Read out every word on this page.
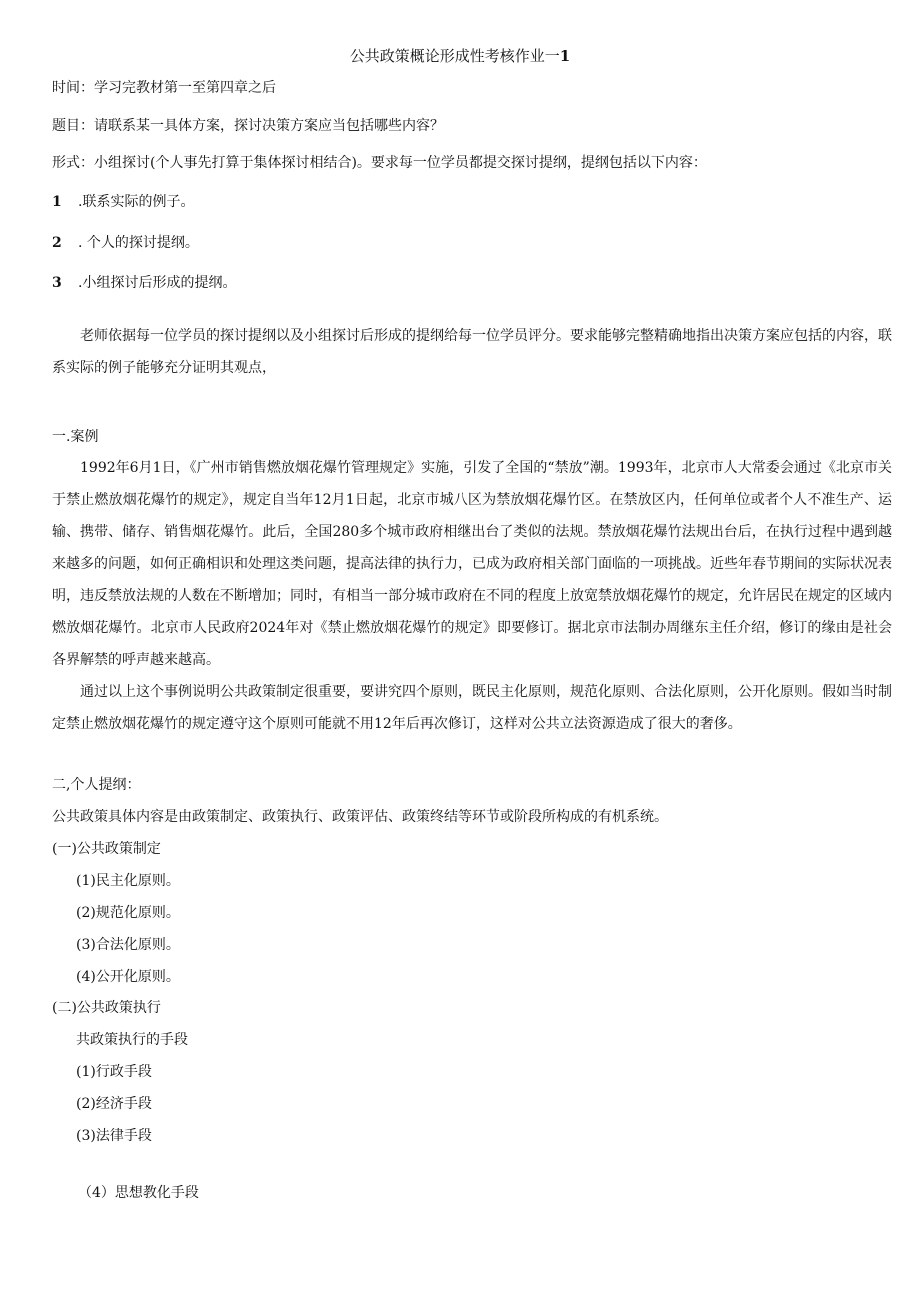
公共政策概论形成性考核作业一1
时间：学习完教材第一至第四章之后
题目：请联系某一具体方案，探讨决策方案应当包括哪些内容？
形式：小组探讨(个人事先打算于集体探讨相结合)。要求每一位学员都提交探讨提纲，提纲包括以下内容：
1 .联系实际的例子。
2 . 个人的探讨提纲。
3 .小组探讨后形成的提纲。
老师依据每一位学员的探讨提纲以及小组探讨后形成的提纲给每一位学员评分。要求能够完整精确地指出决策方案应包括的内容，联系实际的例子能够充分证明其观点，
一.案例
1992年6月1日，《广州市销售燃放烟花爆竹管理规定》实施，引发了全国的“禁放”潮。1993年，北京市人大常委会通过《北京市关于禁止燃放烟花爆竹的规定》，规定自当年12月1日起，北京市城八区为禁放烟花爆竹区。在禁放区内，任何单位或者个人不准生产、运输、携带、储存、销售烟花爆竹。此后，全国280多个城市政府相继出台了类似的法规。禁放烟花爆竹法规出台后，在执行过程中遇到越来越多的问题，如何正确相识和处理这类问题，提高法律的执行力，已成为政府相关部门面临的一项挑战。近些年春节期间的实际状况表明，违反禁放法规的人数在不断增加；同时，有相当一部分城市政府在不同的程度上放宽禁放烟花爆竹的规定，允许居民在规定的区域内燃放烟花爆竹。北京市人民政府2024年对《禁止燃放烟花爆竹的规定》即要修订。据北京市法制办周继东主任介绍，修订的缘由是社会各界解禁的呼声越来越高。
通过以上这个事例说明公共政策制定很重要，要讲究四个原则，既民主化原则，规范化原则、合法化原则，公开化原则。假如当时制定禁止燃放烟花爆竹的规定遵守这个原则可能就不用12年后再次修订，这样对公共立法资源造成了很大的奢侈。
二,个人提纲：
公共政策具体内容是由政策制定、政策执行、政策评估、政策终结等环节或阶段所构成的有机系统。
(一)公共政策制定
(1)民主化原则。
(2)规范化原则。
(3)合法化原则。
(4)公开化原则。
(二)公共政策执行
共政策执行的手段
(1)行政手段
(2)经济手段
(3)法律手段
（4）思想教化手段
